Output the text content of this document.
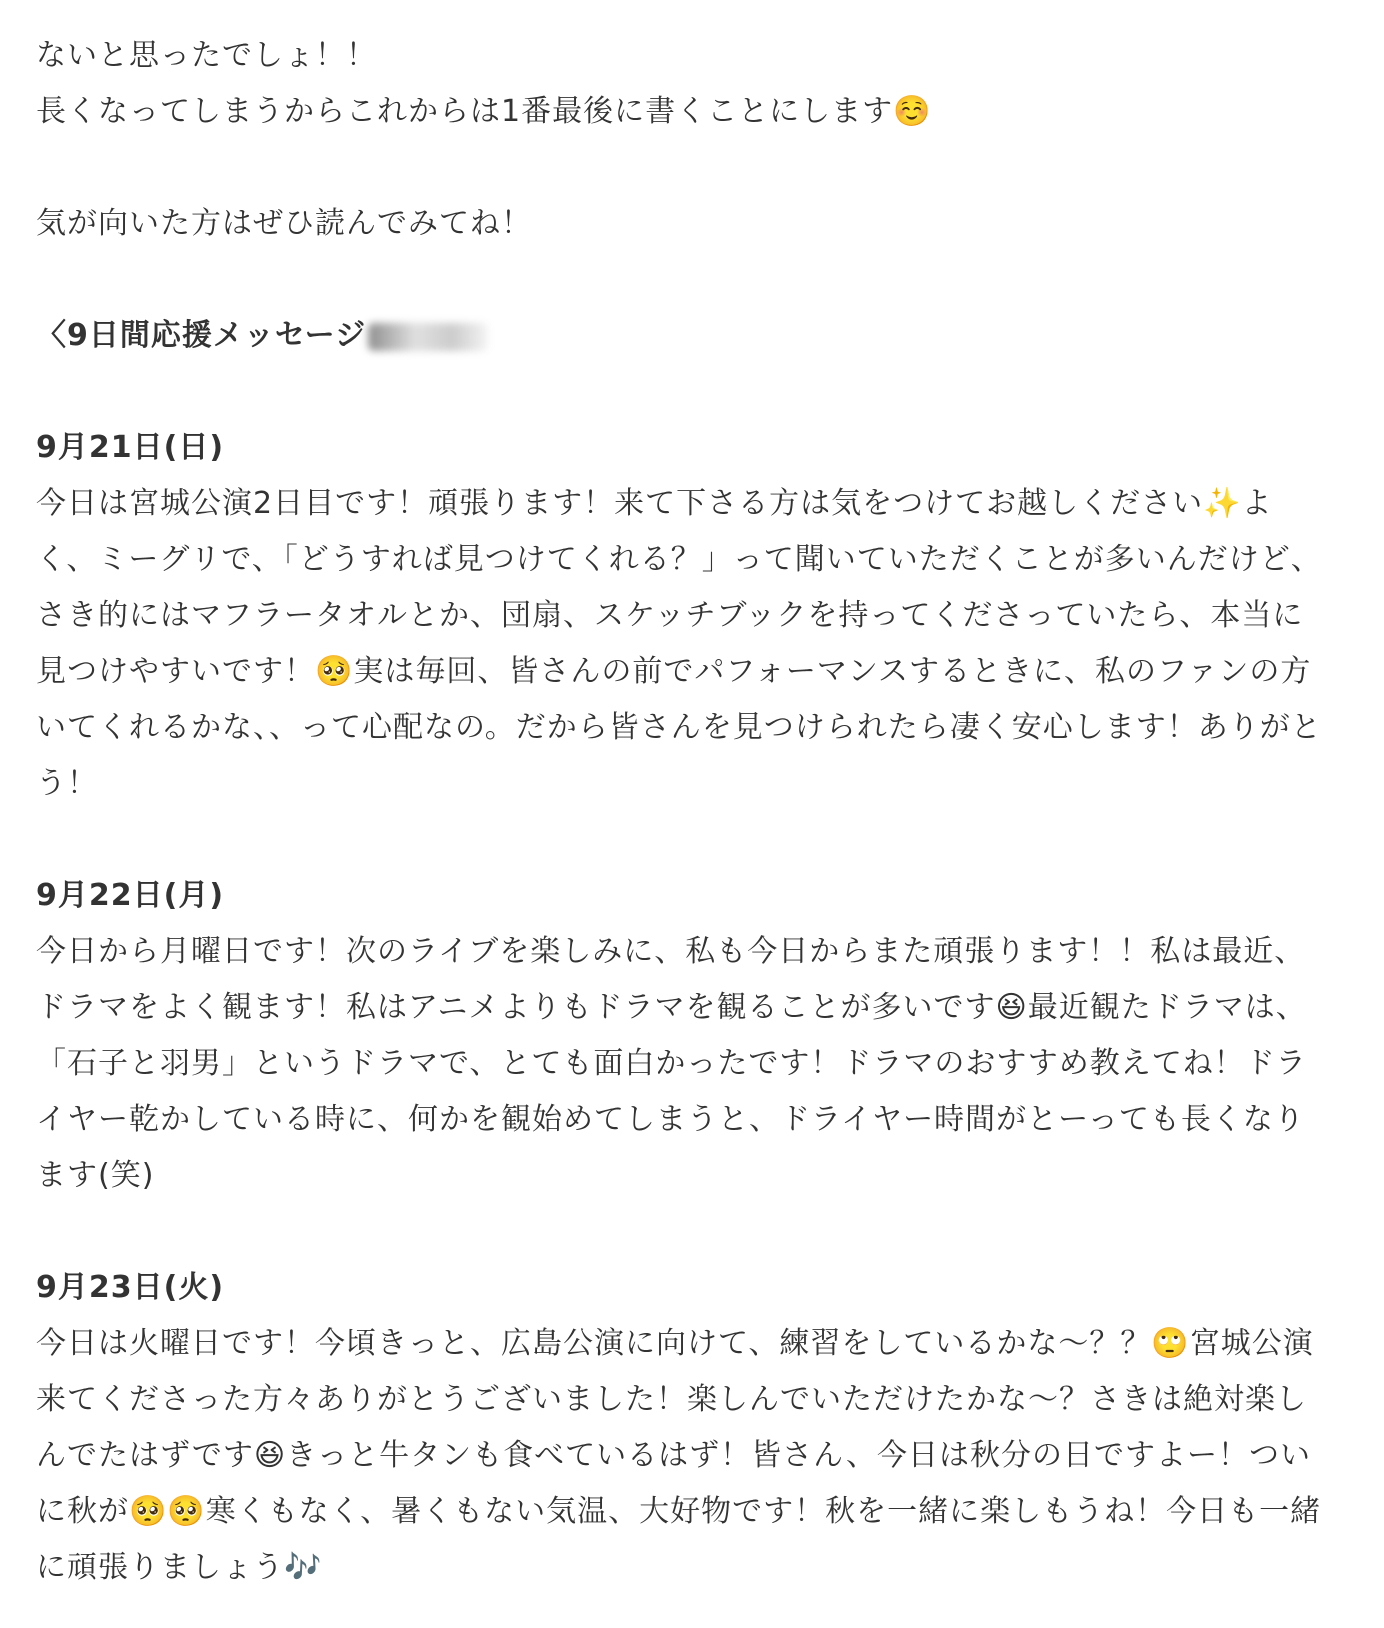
ないと思ったでしょ！！

長くなってしまうからこれからは1番最後に書くことにします☺️

気が向いた方はぜひ読んでみてね！

〈9日間応援メッセージ

9月21日(日)

今日は宮城公演2日目です！頑張ります！来て下さる方は気をつけてお越しください✨よく、ミーグリで、「どうすれば見つけてくれる？」って聞いていただくことが多いんだけど、さき的にはマフラータオルとか、団扇、スケッチブックを持ってくださっていたら、本当に見つけやすいです！🥺実は毎回、皆さんの前でパフォーマンスするときに、私のファンの方いてくれるかな、、って心配なの。だから皆さんを見つけられたら凄く安心します！ありがとう！

9月22日(月)

今日から月曜日です！次のライブを楽しみに、私も今日からまた頑張ります！！私は最近、ドラマをよく観ます！私はアニメよりもドラマを観ることが多いです😆最近観たドラマは、「石子と羽男」というドラマで、とても面白かったです！ドラマのおすすめ教えてね！ドライヤー乾かしている時に、何かを観始めてしまうと、ドライヤー時間がとーっても長くなります(笑)

9月23日(火)

今日は火曜日です！今頃きっと、広島公演に向けて、練習をしているかな〜？？🙄宮城公演来てくださった方々ありがとうございました！楽しんでいただけたかな〜？さきは絶対楽しんでたはずです😆きっと牛タンも食べているはず！皆さん、今日は秋分の日ですよー！ついに秋が🥺🥺寒くもなく、暑くもない気温、大好物です！秋を一緒に楽しもうね！今日も一緒に頑張りましょう🎶
